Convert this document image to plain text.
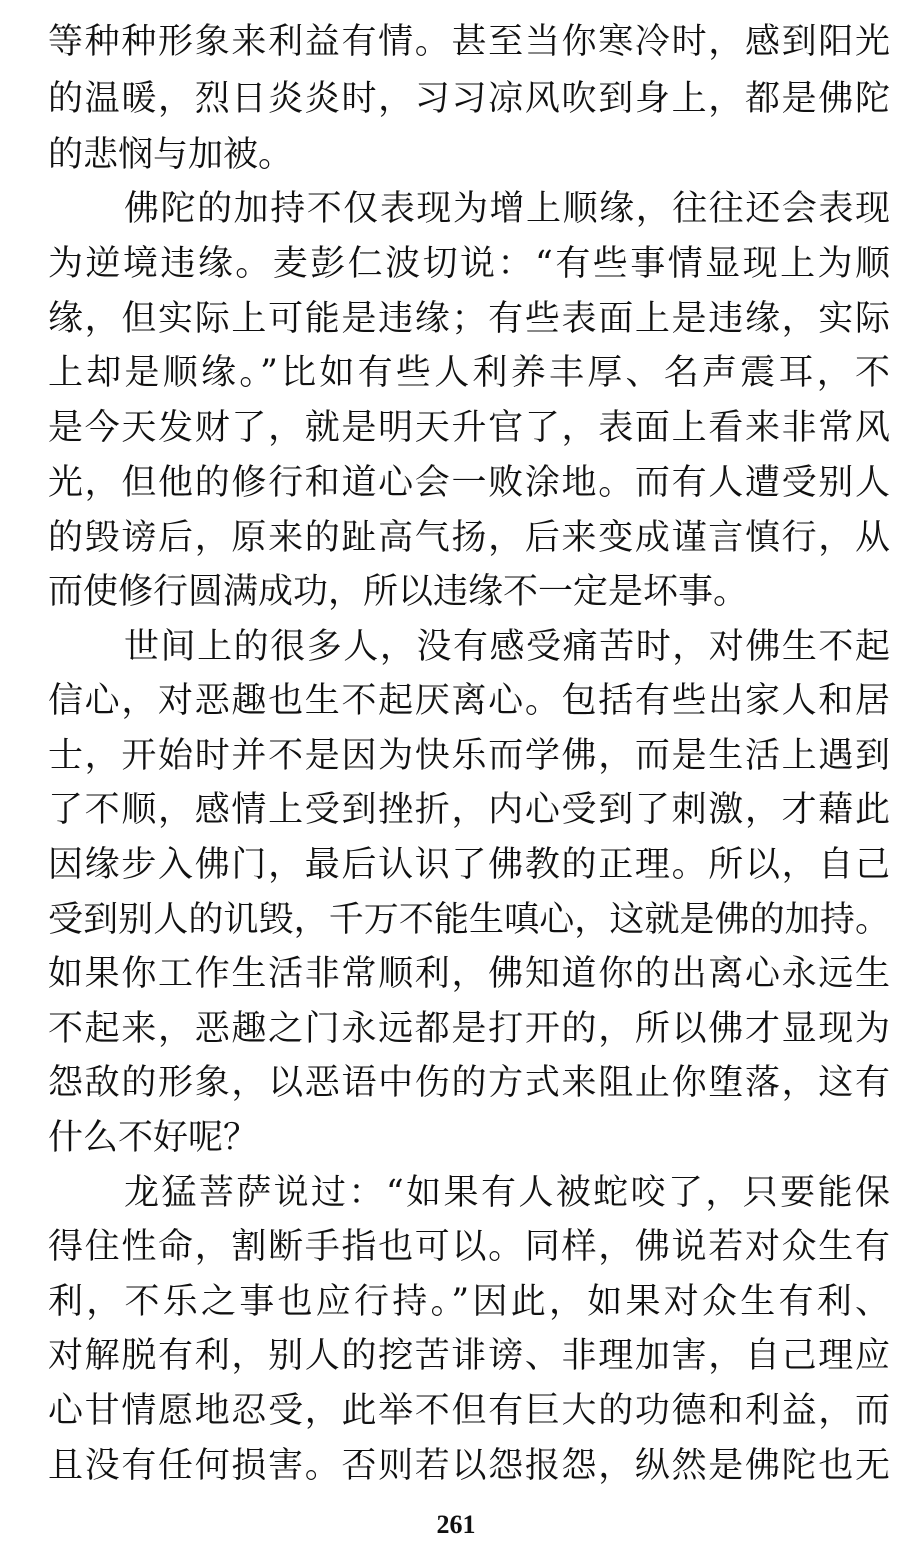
等种种形象来利益有情。甚至当你寒冷时，感到阳光
的温暖，烈日炎炎时，习习凉风吹到身上，都是佛陀
的悲悯与加被。
佛陀的加持不仅表现为增上顺缘，往往还会表现
为逆境违缘。麦彭仁波切说：“有些事情显现上为顺
缘，但实际上可能是违缘；有些表面上是违缘，实际
上却是顺缘。”比如有些人利养丰厚、名声震耳，不
是今天发财了，就是明天升官了，表面上看来非常风
光，但他的修行和道心会一败涂地。而有人遭受别人
的毁谤后，原来的趾高气扬，后来变成谨言慎行，从
而使修行圆满成功，所以违缘不一定是坏事。
世间上的很多人，没有感受痛苦时，对佛生不起
信心，对恶趣也生不起厌离心。包括有些出家人和居
士，开始时并不是因为快乐而学佛，而是生活上遇到
了不顺，感情上受到挫折，内心受到了刺激，才藉此
因缘步入佛门，最后认识了佛教的正理。所以，自己
受到别人的讥毁，千万不能生嗔心，这就是佛的加持。
如果你工作生活非常顺利，佛知道你的出离心永远生
不起来，恶趣之门永远都是打开的，所以佛才显现为
怨敌的形象，以恶语中伤的方式来阻止你堕落，这有
什么不好呢？
龙猛菩萨说过：“如果有人被蛇咬了，只要能保
得住性命，割断手指也可以。同样，佛说若对众生有
利，不乐之事也应行持。”因此，如果对众生有利、
对解脱有利，别人的挖苦诽谤、非理加害，自己理应
心甘情愿地忍受，此举不但有巨大的功德和利益，而
且没有任何损害。否则若以怨报怨，纵然是佛陀也无
261
